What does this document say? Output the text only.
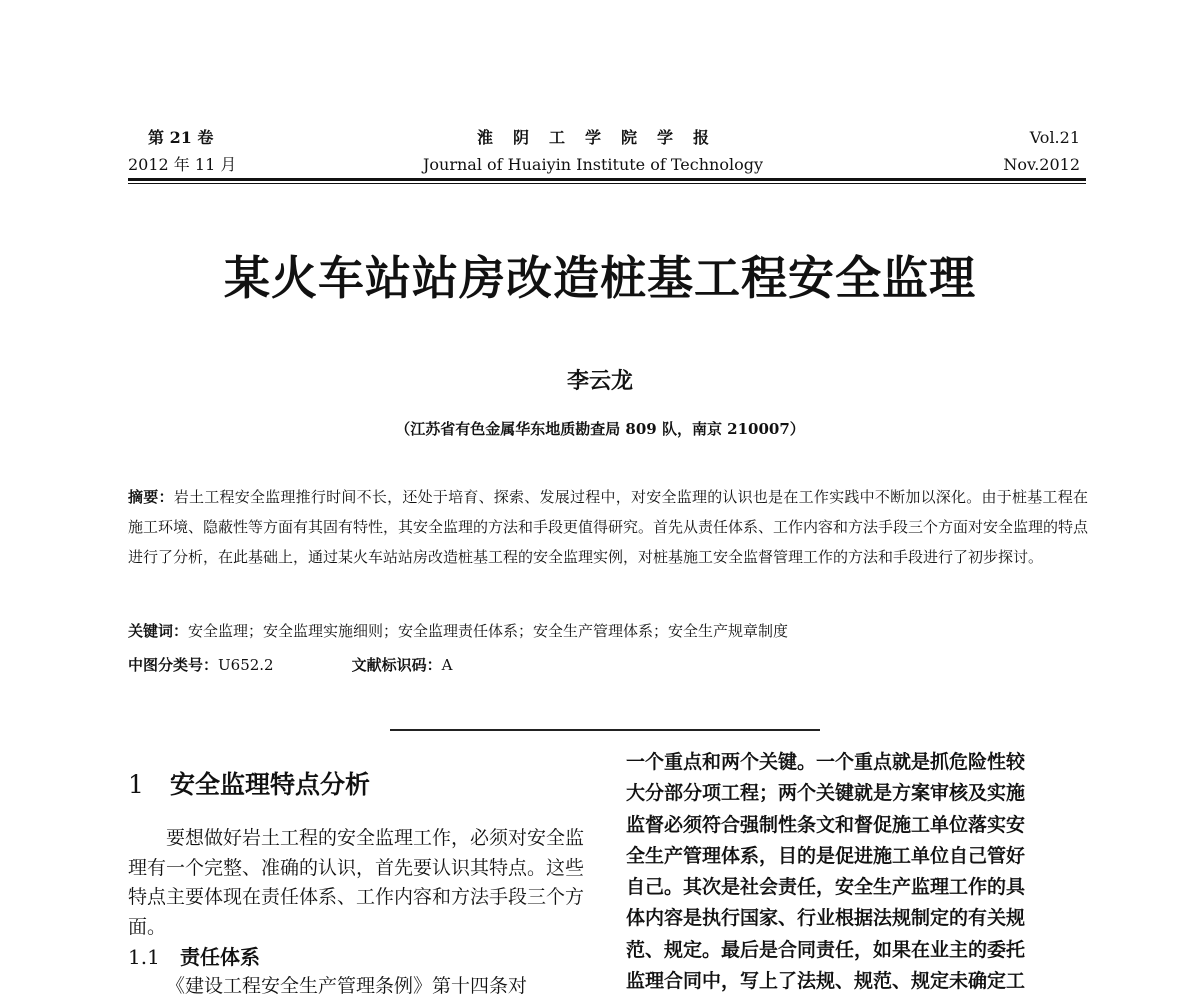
第 21 卷
2012 年 11 月
淮阴工学院学报
Journal of Huaiyin Institute of Technology
Vol.21
Nov.2012
某火车站站房改造桩基工程安全监理
李云龙
（江苏省有色金属华东地质勘查局 809 队，南京 210007）
摘要：岩土工程安全监理推行时间不长，还处于培育、探索、发展过程中，对安全监理的认识也是在工作实践中不断加以深化。由于桩基工程在施工环境、隐蔽性等方面有其固有特性，其安全监理的方法和手段更值得研究。首先从责任体系、工作内容和方法手段三个方面对安全监理的特点进行了分析，在此基础上，通过某火车站站房改造桩基工程的安全监理实例，对桩基施工安全监督管理工作的方法和手段进行了初步探讨。
关键词：安全监理；安全监理实施细则；安全监理责任体系；安全生产管理体系；安全生产规章制度
中图分类号：U652.2	文献标识码：A
1 安全监理特点分析

要想做好岩土工程的安全监理工作，必须对安全监理有一个完整、准确的认识，首先要认识其特点。这些特点主要体现在责任体系、工作内容和方法手段三个方面。

1.1 责任体系

《建设工程安全生产管理条例》第十四条对

一个重点和两个关键。一个重点就是抓危险性较

大分部分项工程；两个关键就是方案审核及实施

监督必须符合强制性条文和督促施工单位落实安

全生产管理体系，目的是促进施工单位自己管好

自己。其次是社会责任，安全生产监理工作的具

体内容是执行国家、行业根据法规制定的有关规

范、规定。最后是合同责任，如果在业主的委托

监理合同中，写上了法规、规范、规定未确定工
